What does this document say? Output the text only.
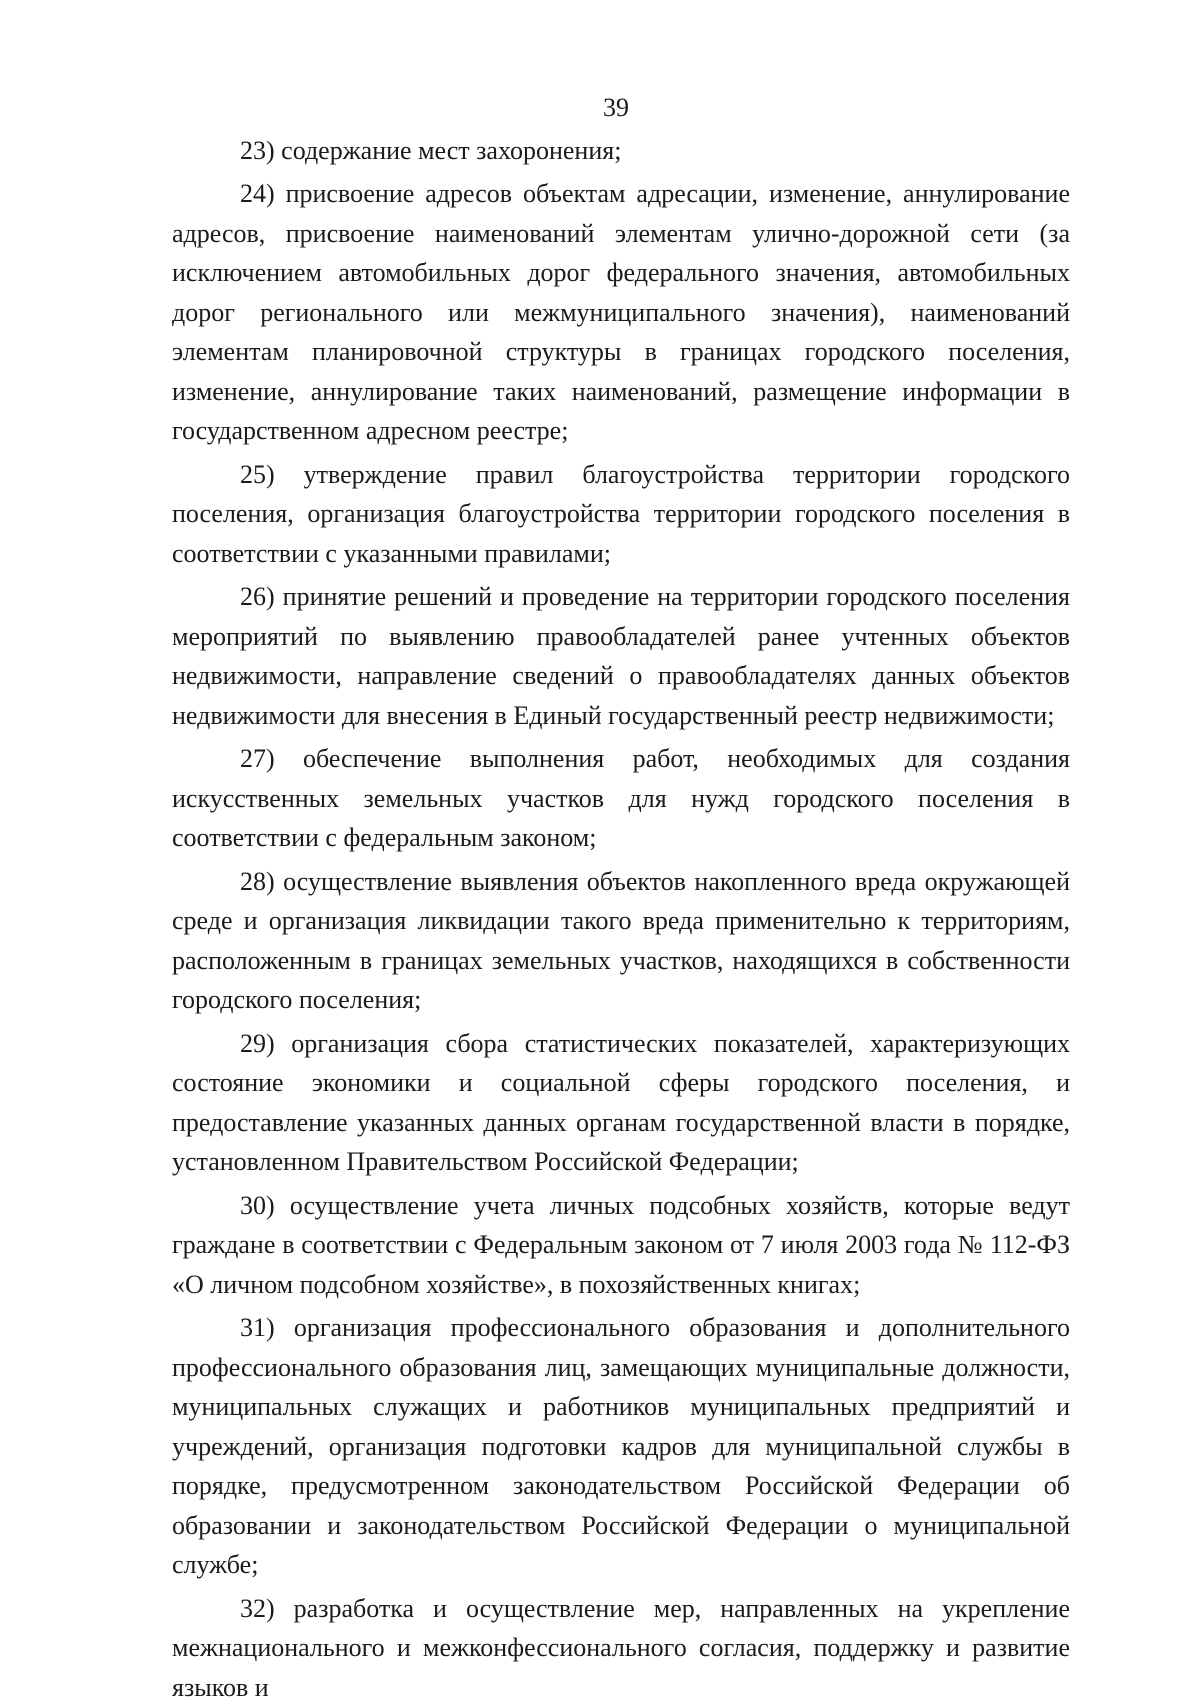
39

23) содержание мест захоронения;

24) присвоение адресов объектам адресации, изменение, аннулирование адресов, присвоение наименований элементам улично-дорожной сети (за исключением автомобильных дорог федерального значения, автомобильных дорог регионального или межмуниципального значения), наименований элементам планировочной структуры в границах городского поселения, изменение, аннулирование таких наименований, размещение информации в государственном адресном реестре;

25) утверждение правил благоустройства территории городского поселения, организация благоустройства территории городского поселения в соответствии с указанными правилами;

26) принятие решений и проведение на территории городского поселения мероприятий по выявлению правообладателей ранее учтенных объектов недвижимости, направление сведений о правообладателях данных объектов недвижимости для внесения в Единый государственный реестр недвижимости;

27) обеспечение выполнения работ, необходимых для создания искусственных земельных участков для нужд городского поселения в соответствии с федеральным законом;

28) осуществление выявления объектов накопленного вреда окружающей среде и организация ликвидации такого вреда применительно к территориям, расположенным в границах земельных участков, находящихся в собственности городского поселения;

29) организация сбора статистических показателей, характеризующих состояние экономики и социальной сферы городского поселения, и предоставление указанных данных органам государственной власти в порядке, установленном Правительством Российской Федерации;

30) осуществление учета личных подсобных хозяйств, которые ведут граждане в соответствии с Федеральным законом от 7 июля 2003 года № 112-ФЗ «О личном подсобном хозяйстве», в похозяйственных книгах;

31) организация профессионального образования и дополнительного профессионального образования лиц, замещающих муниципальные должности, муниципальных служащих и работников муниципальных предприятий и учреждений, организация подготовки кадров для муниципальной службы в порядке, предусмотренном законодательством Российской Федерации об образовании и законодательством Российской Федерации о муниципальной службе;

32) разработка и осуществление мер, направленных на укрепление межнационального и межконфессионального согласия, поддержку и развитие языков и
